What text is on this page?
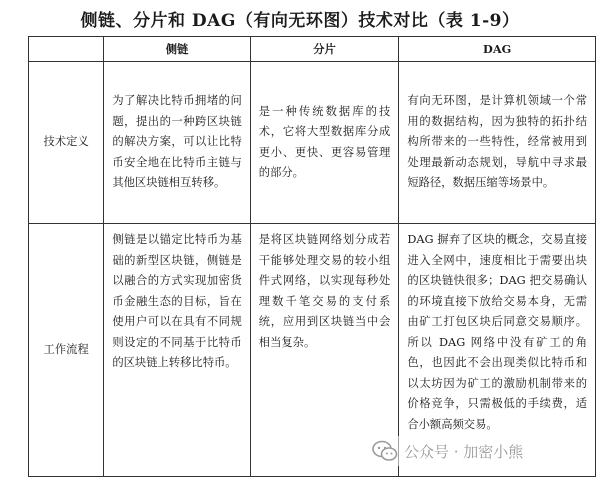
侧链、分片和 DAG（有向无环图）技术对比（表 1-9）
	侧链	分片	DAG
技术定义	为了解决比特币拥堵的问题，提出的一种跨区块链的解决方案，可以让比特币安全地在比特币主链与其他区块链相互转移。	是一种传统数据库的技术，它将大型数据库分成更小、更快、更容易管理的部分。	有向无环图，是计算机领域一个常用的数据结构，因为独特的拓扑结构所带来的一些特性，经常被用到处理最新动态规划，导航中寻求最短路径，数据压缩等场景中。
工作流程	侧链是以锚定比特币为基础的新型区块链，侧链是以融合的方式实现加密货币金融生态的目标，旨在使用户可以在具有不同规则设定的不同基于比特币的区块链上转移比特币。	是将区块链网络划分成若干能够处理交易的较小组件式网络，以实现每秒处理数千笔交易的支付系统，应用到区块链当中会相当复杂。	DAG 摒弃了区块的概念，交易直接进入全网中，速度相比于需要出块的区块链快很多；DAG 把交易确认的环境直接下放给交易本身，无需由矿工打包区块后同意交易顺序。所以 DAG 网络中没有矿工的角色，也因此不会出现类似比特币和以太坊因为矿工的激励机制带来的价格竞争，只需极低的手续费，适合小额高频交易。
公众号 · 加密小熊
